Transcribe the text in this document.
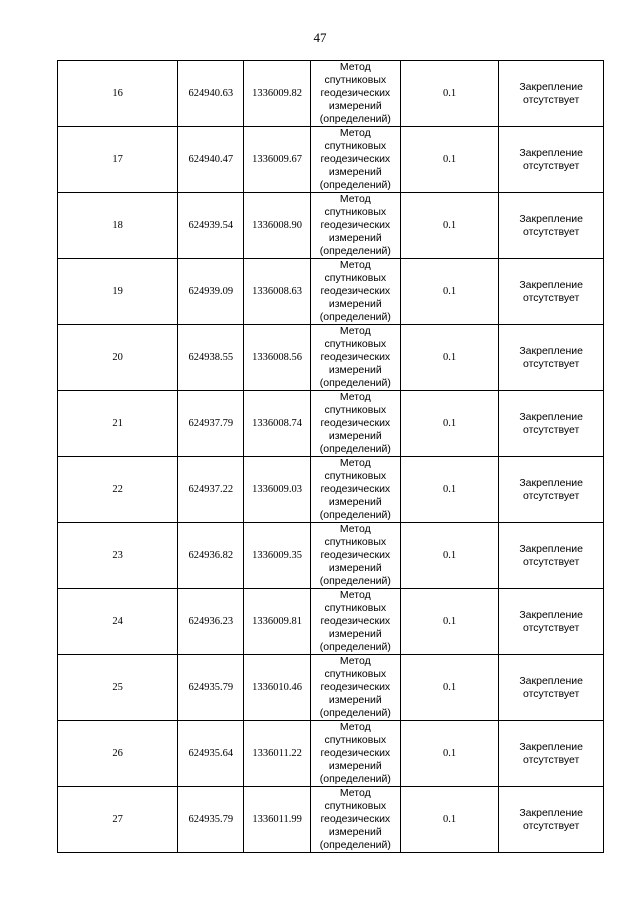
47
16	624940.63	1336009.82	Метод
спутниковых
геодезических
измерений
(определений)	0.1	Закрепление
отсутствует

17	624940.47	1336009.67	Метод
спутниковых
геодезических
измерений
(определений)	0.1	Закрепление
отсутствует

18	624939.54	1336008.90	Метод
спутниковых
геодезических
измерений
(определений)	0.1	Закрепление
отсутствует

19	624939.09	1336008.63	Метод
спутниковых
геодезических
измерений
(определений)	0.1	Закрепление
отсутствует

20	624938.55	1336008.56	Метод
спутниковых
геодезических
измерений
(определений)	0.1	Закрепление
отсутствует

21	624937.79	1336008.74	Метод
спутниковых
геодезических
измерений
(определений)	0.1	Закрепление
отсутствует

22	624937.22	1336009.03	Метод
спутниковых
геодезических
измерений
(определений)	0.1	Закрепление
отсутствует

23	624936.82	1336009.35	Метод
спутниковых
геодезических
измерений
(определений)	0.1	Закрепление
отсутствует

24	624936.23	1336009.81	Метод
спутниковых
геодезических
измерений
(определений)	0.1	Закрепление
отсутствует

25	624935.79	1336010.46	Метод
спутниковых
геодезических
измерений
(определений)	0.1	Закрепление
отсутствует

26	624935.64	1336011.22	Метод
спутниковых
геодезических
измерений
(определений)	0.1	Закрепление
отсутствует

27	624935.79	1336011.99	Метод
спутниковых
геодезических
измерений
(определений)	0.1	Закрепление
отсутствует
